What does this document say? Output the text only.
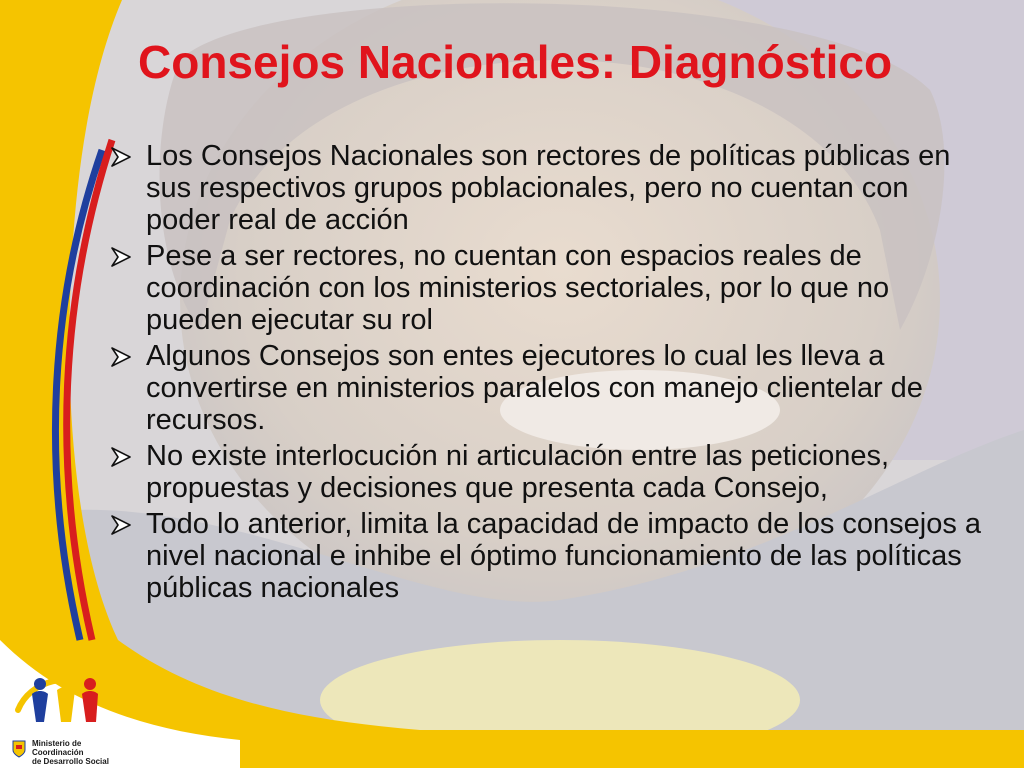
Consejos Nacionales: Diagnóstico
Los Consejos Nacionales son rectores de políticas públicas en sus respectivos grupos poblacionales, pero no cuentan con poder real de acción
Pese a ser rectores, no cuentan con espacios reales de coordinación con los ministerios sectoriales, por lo que no pueden ejecutar su rol
Algunos Consejos son entes ejecutores lo cual les lleva a convertirse en ministerios paralelos con manejo clientelar de recursos.
No existe interlocución ni articulación entre las peticiones, propuestas y decisiones que presenta cada Consejo,
Todo lo anterior, limita la capacidad de impacto de los consejos a nivel nacional e inhibe el óptimo funcionamiento de las políticas públicas nacionales
Ministerio de Coordinación
de Desarrollo Social
